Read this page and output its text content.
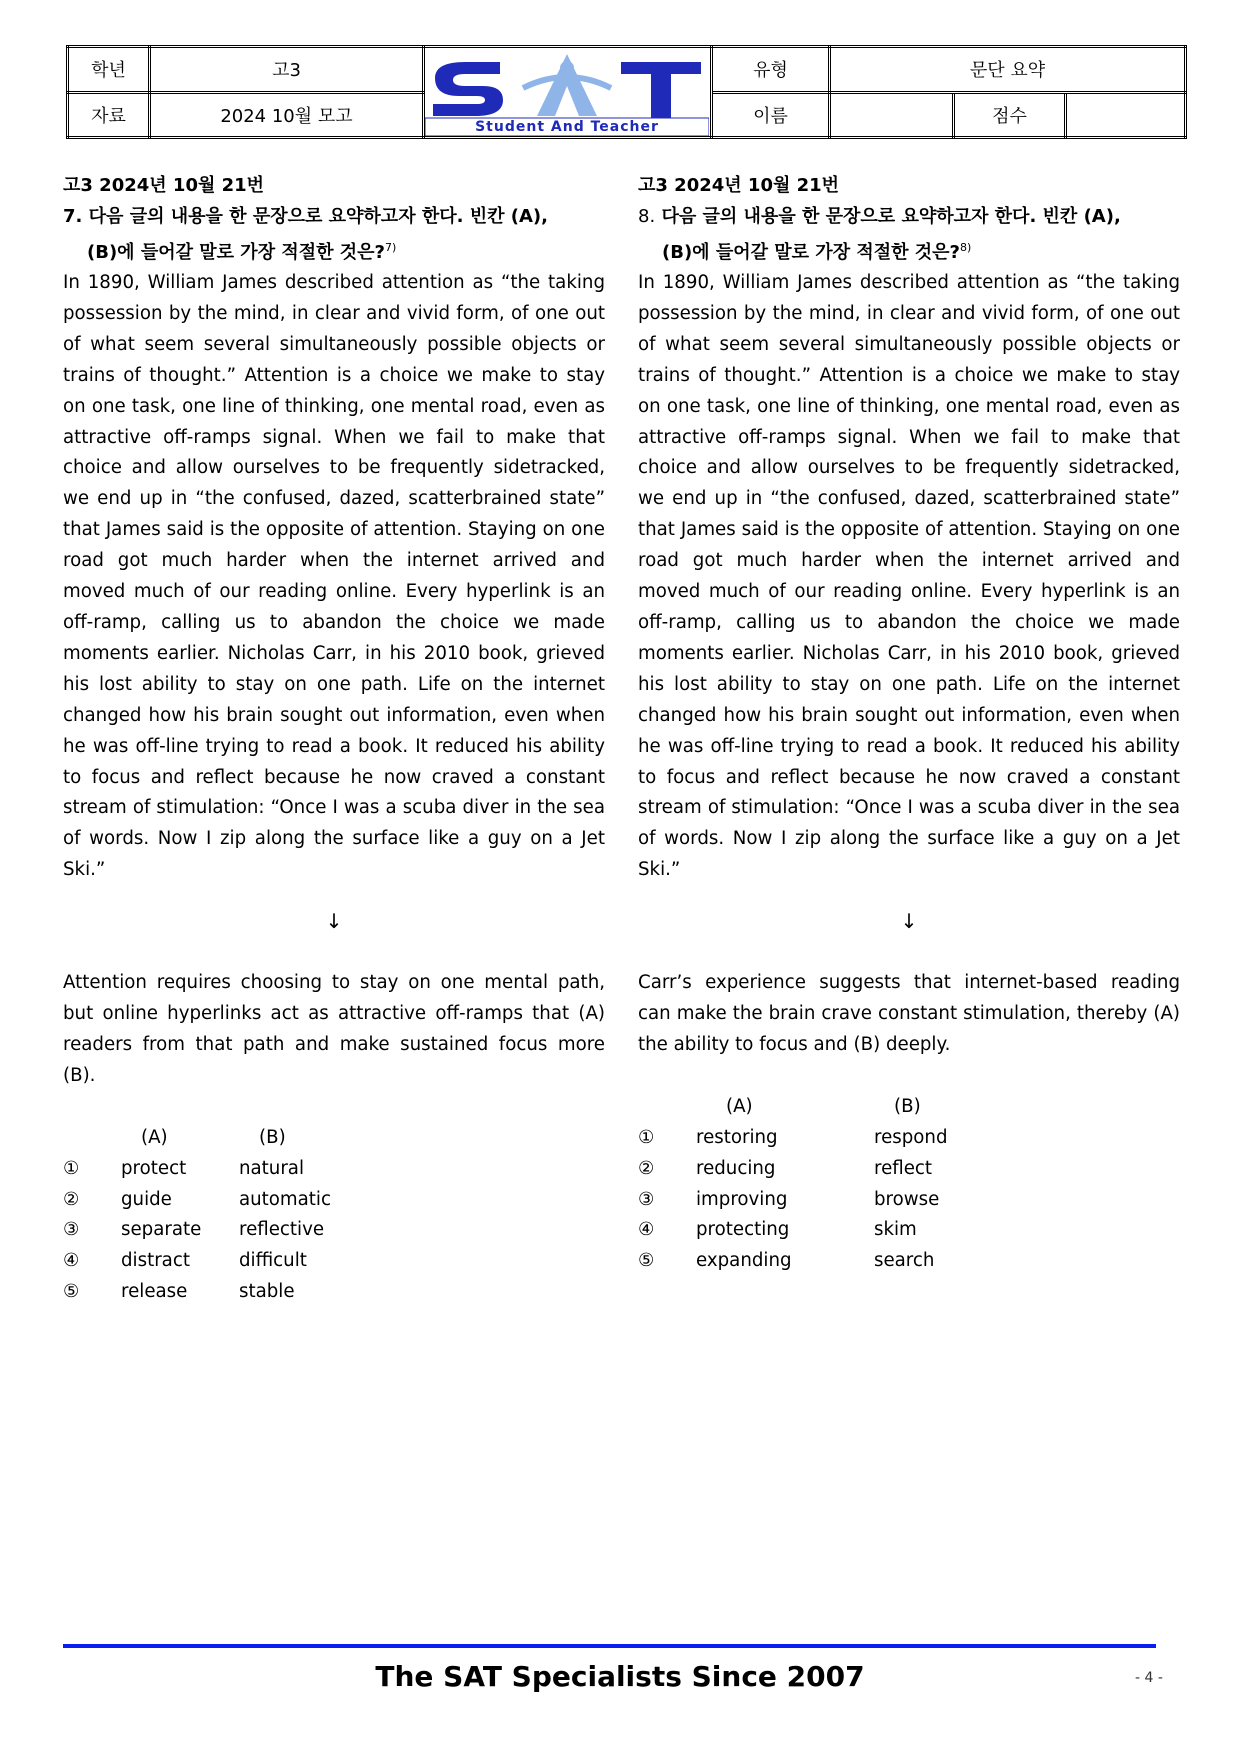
학년	고3	Student And Teacher	유형	문단 요약		
자료	2024 10월 모고		이름		점수	

고3 2024년 10월 21번

7. 다음 글의 내용을 한 문장으로 요약하고자 한다. 빈칸 (A),

(B)에 들어갈 말로 가장 적절한 것은?$^{7)}$

In 1890, William James described attention as “the taking possession by the mind, in clear and vivid form, of one out of what seem several simultaneously possible objects or trains of thought.” Attention is a choice we make to stay on one task, one line of thinking, one mental road, even as attractive off-ramps signal. When we fail to make that choice and allow ourselves to be frequently sidetracked, we end up in “the confused, dazed, scatterbrained state” that James said is the opposite of attention. Staying on one road got much harder when the internet arrived and moved much of our reading online. Every hyperlink is an off-ramp, calling us to abandon the choice we made moments earlier. Nicholas Carr, in his 2010 book, grieved his lost ability to stay on one path. Life on the internet changed how his brain sought out information, even when he was off-line trying to read a book. It reduced his ability to focus and reflect because he now craved a constant stream of stimulation: “Once I was a scuba diver in the sea of words. Now I zip along the surface like a guy on a Jet Ski.”

↓

Attention requires choosing to stay on one mental path, but online hyperlinks act as attractive off-ramps that (A) readers from that path and make sustained focus more (B).

(A)	(B)
①	protect	natural
②	guide	automatic
③	separate	reflective
④	distract	difficult
⑤	release	stable

고3 2024년 10월 21번

8. 다음 글의 내용을 한 문장으로 요약하고자 한다. 빈칸 (A),

(B)에 들어갈 말로 가장 적절한 것은?$^{8)}$

In 1890, William James described attention as “the taking possession by the mind, in clear and vivid form, of one out of what seem several simultaneously possible objects or trains of thought.” Attention is a choice we make to stay on one task, one line of thinking, one mental road, even as attractive off-ramps signal. When we fail to make that choice and allow ourselves to be frequently sidetracked, we end up in “the confused, dazed, scatterbrained state” that James said is the opposite of attention. Staying on one road got much harder when the internet arrived and moved much of our reading online. Every hyperlink is an off-ramp, calling us to abandon the choice we made moments earlier. Nicholas Carr, in his 2010 book, grieved his lost ability to stay on one path. Life on the internet changed how his brain sought out information, even when he was off-line trying to read a book. It reduced his ability to focus and reflect because he now craved a constant stream of stimulation: “Once I was a scuba diver in the sea of words. Now I zip along the surface like a guy on a Jet Ski.”

↓

Carr’s experience suggests that internet-based reading can make the brain crave constant stimulation, thereby (A) the ability to focus and (B) deeply.

(A)	(B)
①	restoring	respond
②	reducing	reflect
③	improving	browse
④	protecting	skim
⑤	expanding	search
The SAT Specialists Since 2007	- 4 -
